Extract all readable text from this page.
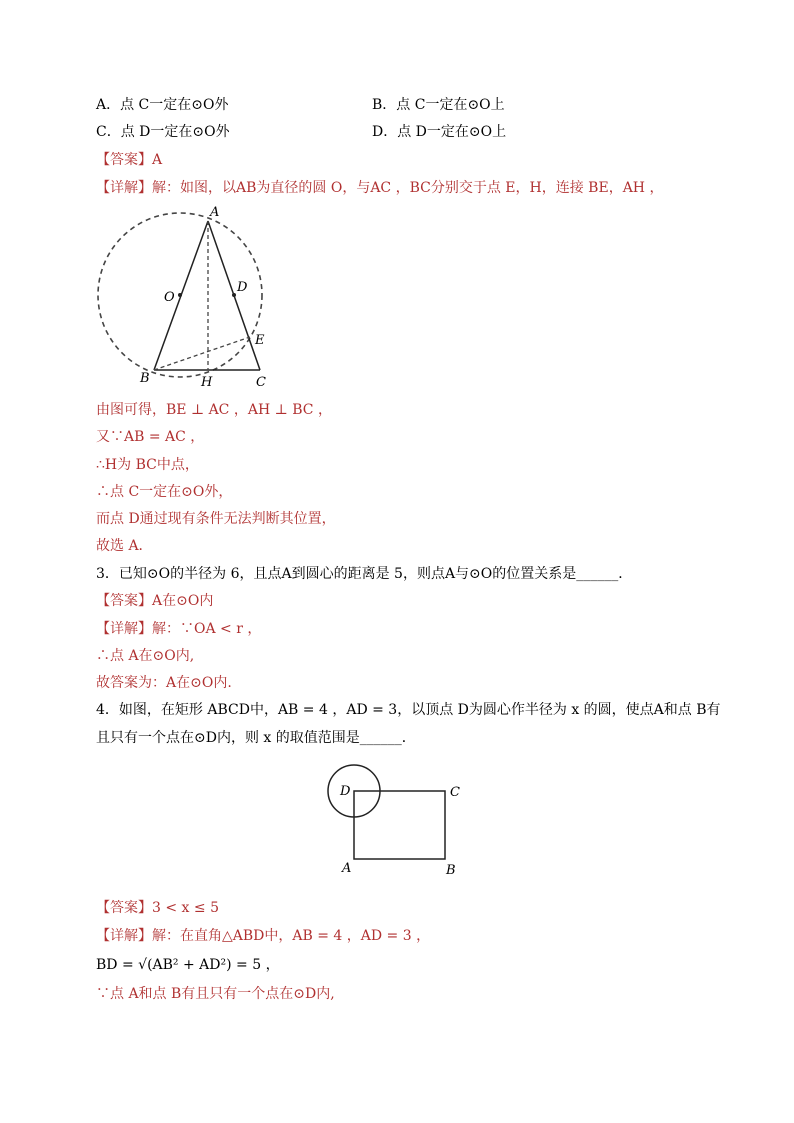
A．点 C一定在⊙O外	B．点 C一定在⊙O上
C．点 D一定在⊙O外	D．点 D一定在⊙O上
【答案】A
【详解】解：如图，以AB为直径的圆 O，与AC ，BC分别交于点 E，H，连接 BE，AH ，
A
O
D
E
B	H	C
由图可得，BE ⊥ AC ，AH ⊥ BC ，
又∵AB = AC ，
∴H为 BC中点，
∴点 C一定在⊙O外，
而点 D通过现有条件无法判断其位置，
故选 A．
3．已知⊙O的半径为 6，且点A到圆心的距离是 5，则点A与⊙O的位置关系是______．
【答案】A在⊙O内
【详解】解：∵OA < r ，
∴点 A在⊙O内,
故答案为：A在⊙O内.
4．如图，在矩形 ABCD中，AB = 4 ，AD = 3，以顶点 D为圆心作半径为 x 的圆，使点A和点 B有
且只有一个点在⊙D内，则 x 的取值范围是______．
D	C
A	B
【答案】3 < x ≤ 5
【详解】解：在直角△ABD中，AB = 4 ，AD = 3 ，
BD = √(AB² + AD²) = 5 ，
∵点 A和点 B有且只有一个点在⊙D内,
